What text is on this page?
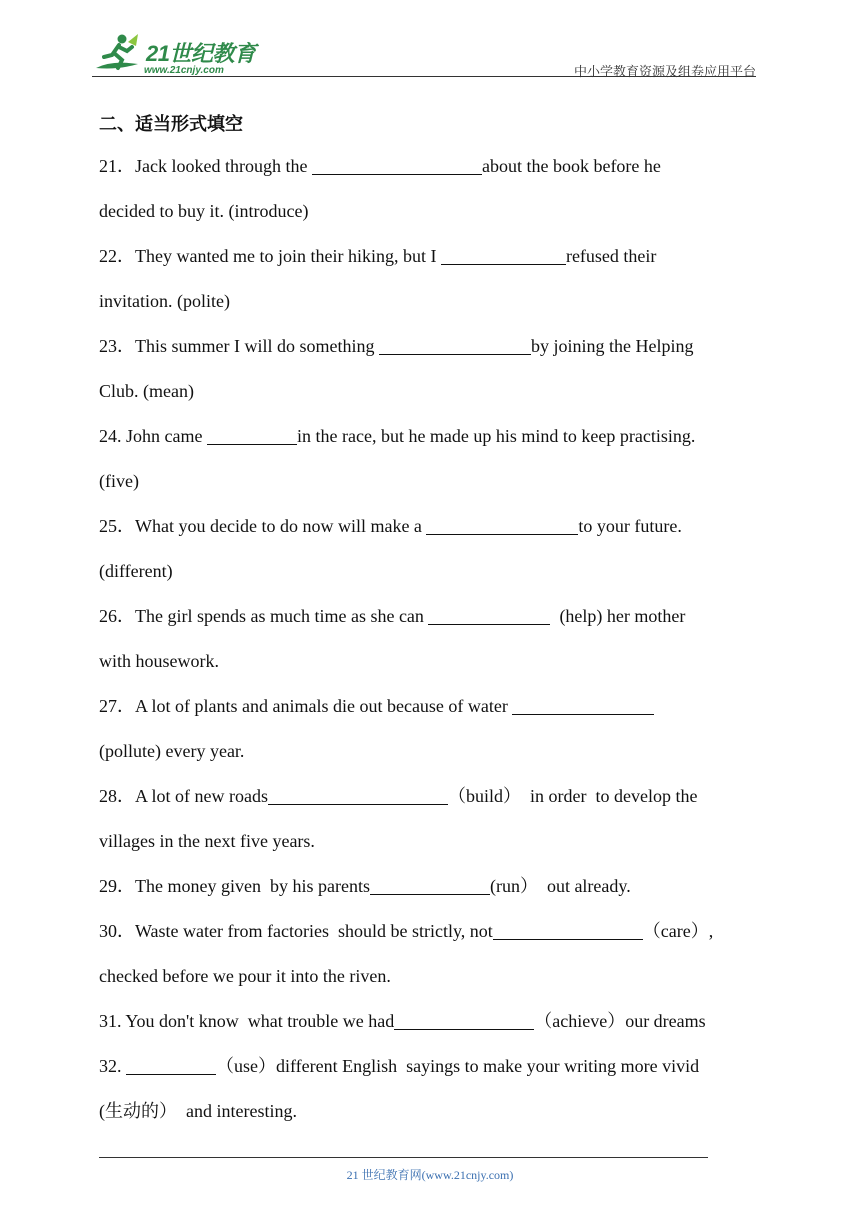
21世纪教育
www.21cnjy.com	中小学教育资源及组卷应用平台
二、适当形式填空
21．Jack looked through the	about the book before he
decided to buy it. (introduce)
22．They wanted me to join their hiking, but I	refused their
invitation. (polite)
23．This summer I will do something	by joining the Helping
Club. (mean)
24. John came	in the race, but he made up his mind to keep practising.
(five)
25．What you decide to do now will make a	to your future.
(different)
26．The girl spends as much time as she can	(help) her mother
with housework.
27．A lot of plants and animals die out because of water
(pollute) every year.
28．A lot of new roads	（build）  in order  to develop the
villages in the next five years.
29．The money given  by his parents	(run）  out already.
30．Waste water from factories  should be strictly, not	（care）,
checked before we pour it into the riven.
31. You don't know  what trouble we had	（achieve）our dreams
32.	（use）different English  sayings to make your writing more vivid
(生动的）  and interesting.
21 世纪教育网(www.21cnjy.com)
